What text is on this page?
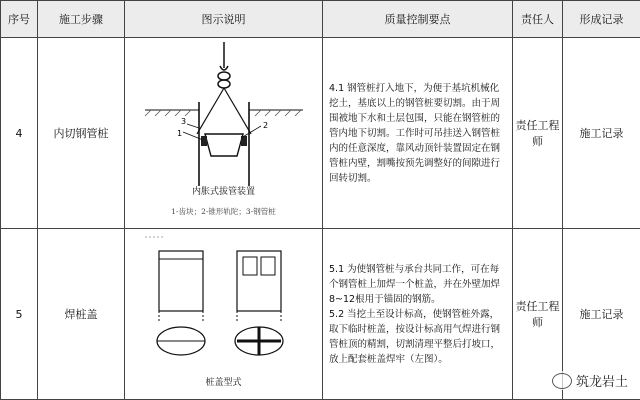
序号	施工步骤	图示说明	质量控制要点	责任人	形成记录
4	内切钢管桩	1
2
3
内胀式拔管装置
1-齿块；2-锥形轨陀；3-钢管桩	4.1 钢管桩打入地下，为便于基坑机械化挖土，基底以上的钢管桩要切割。由于周围被地下水和土层包围，只能在钢管桩的管内地下切割。工作时可吊挂送入钢管桩内的任意深度，靠风动顶针装置固定在钢管桩内壁，割嘴按预先调整好的间隙进行回转切割。	责任工程师	施工记录
5	焊桩盖	桩盖型式	5.1 为使钢管桩与承台共同工作，可在每个钢管桩上加焊一个桩盖，并在外壁加焊8~12根用于锚固的钢筋。

5.2 当挖土至设计标高，使钢管桩外露，取下临时桩盖，按设计标高用气焊进行钢管桩顶的精割，切割清理平整后打坡口，放上配套桩盖焊牢（左图）。	责任工程师	施工记录
筑龙岩土
